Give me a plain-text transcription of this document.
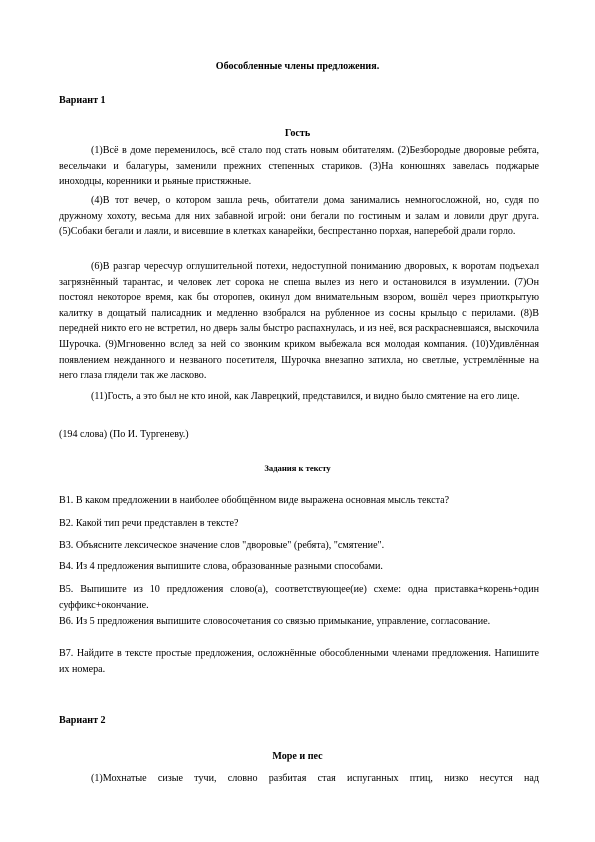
Обособленные члены предложения.
Вариант 1
Гость

(1)Всё в доме переменилось, всё стало под стать новым обитателям. (2)Безбородые дворовые ребята, весельчаки и балагуры, заменили прежних степенных стариков. (3)На конюшнях завелась поджарые иноходцы, коренники и рьяные пристяжные.

(4)В тот вечер, о котором зашла речь, обитатели дома занимались немногосложной, но, судя по дружному хохоту, весьма для них забавной игрой: они бегали по гостиным и залам и ловили друг друга. (5)Собаки бегали и лаяли, и висевшие в клетках канарейки, беспрестанно порхая, наперебой драли горло.

(6)В разгар чересчур оглушительной потехи, недоступной пониманию дворовых, к воротам подъехал загрязнённый тарантас, и человек лет сорока не спеша вылез из него и остановился в изумлении. (7)Он постоял некоторое время, как бы оторопев, окинул дом внимательным взором, вошёл через приоткрытую калитку в дощатый палисадник и медленно взобрался на рубленное из сосны крыльцо с перилами. (8)В передней никто его не встретил, но дверь залы быстро распахнулась, и из неё, вся раскрасневшаяся, выскочила Шурочка. (9)Мгновенно вслед за ней со звонким криком выбежала вся молодая компания. (10)Удивлённая появлением нежданного и незваного посетителя, Шурочка внезапно затихла, но светлые, устремлённые на него глаза глядели так же ласково.

(11)Гость, а это был не кто иной, как Лаврецкий, представился, и видно было смятение на его лице.

(194 слова) (По И. Тургеневу.)
Задания к тексту

В1. В каком предложении в наиболее обобщённом виде выражена основная мысль текста?

В2. Какой тип речи представлен в тексте?

В3. Объясните лексическое значение слов "дворовые" (ребята), "смятение".

В4. Из 4 предложения выпишите слова, образованные разными способами.

В5. Выпишите из 10 предложения слово(а), соответствующее(ие) схеме: одна приставка+корень+один суффикс+окончание.

В6. Из 5 предложения выпишите словосочетания со связью примыкание, управление, согласование.

В7. Найдите в тексте простые предложения, осложнённые обособленными членами предложения. Напишите их номера.

Вариант 2
Море и пес

(1)Мохнатые сизые тучи, словно разбитая стая испуганных птиц, низко несутся над
